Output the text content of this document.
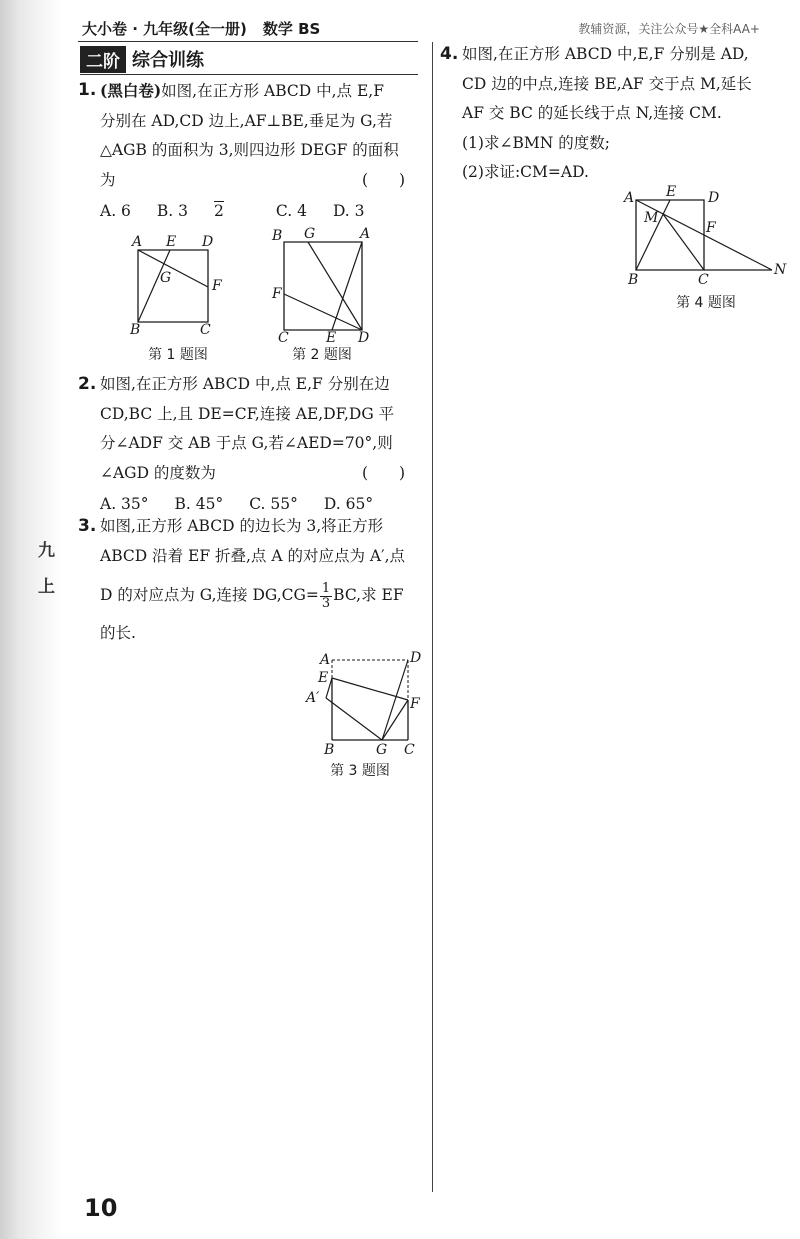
九
上
大小卷 · 九年级(全一册) 数学 BS	教辅资源，关注公众号★全科AA+
二阶 综合训练
1. (黑白卷)如图,在正方形 ABCD 中,点 E,F
分别在 AD,CD 边上,AF⊥BE,垂足为 G,若
△AGB 的面积为 3,则四边形 DEGF 的面积
为	(　　)
A. 6 B. 3 2	C. 4 D. 3
A E D
G	F
B	C
第 1 题图
B G	A
F
C	E D
第 2 题图
2. 如图,在正方形 ABCD 中,点 E,F 分别在边
CD,BC 上,且 DE=CF,连接 AE,DF,DG 平
分∠ADF 交 AB 于点 G,若∠AED=70°,则
∠AGD 的度数为	(　　)
A. 35° B. 45° C. 55° D. 65°
3. 如图,正方形 ABCD 的边长为 3,将正方形
ABCD 沿着 EF 折叠,点 A 的对应点为 A′,点
D 的对应点为 G,连接 $DG,CG= \frac{1}{3}$ BC,求 EF
的长.
A	D
E
A′	F
B	G C
第 3 题图
4. 如图,在正方形 ABCD 中,E,F 分别是 AD,
CD 边的中点,连接 BE,AF 交于点 M,延长
AF 交 BC 的延长线于点 N,连接 CM.
(1)求∠BMN 的度数;
(2)求证:CM=AD.
A E D
M
F
B	C
N
第 4 题图
10
